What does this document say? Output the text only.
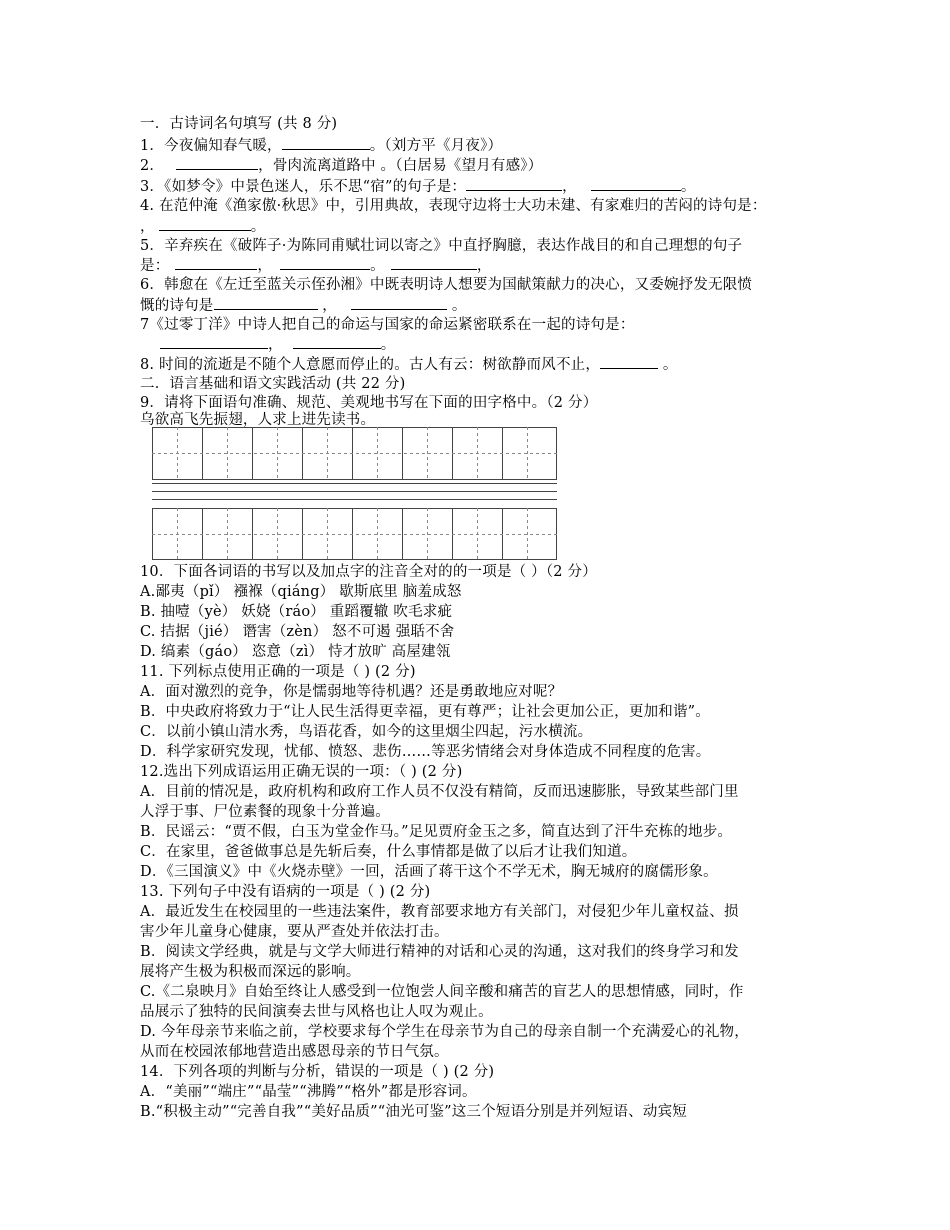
一．古诗词名句填写 (共 8 分)
1．今夜偏知春气暖，	。（刘方平《月夜》）
2．	，骨肉流离道路中 。（白居易《望月有感》）
3．《如梦令》中景色迷人，乐不思“宿”的句子是：	，	。
4. 在范仲淹《渔家傲·秋思》中，引用典故，表现守边将士大功未建、有家难归的苦闷的诗句是：
，	。
5．辛弃疾在《破阵子·为陈同甫赋壮词以寄之》中直抒胸臆，表达作战目的和自己理想的句子
是：	，	。	，
6．韩愈在《左迁至蓝关示侄孙湘》中既表明诗人想要为国献策献力的决心，又委婉抒发无限愤
慨的诗句是	，	。
7《过零丁洋》中诗人把自己的命运与国家的命运紧密联系在一起的诗句是：
，	。
8. 时间的流逝是不随个人意愿而停止的。古人有云：树欲静而风不止，	。
二．语言基础和语文实践活动 (共 22 分)
9．请将下面语句准确、规范、美观地书写在下面的田字格中。（2 分）
乌欲高飞先振翅，人求上进先读书。
10．下面各词语的书写以及加点字的注音全对的的一项是（ ）（2 分）
A.鄙夷（pǐ） 襁褓（qiáng） 歇斯底里 脑羞成怒
B. 抽噎（yè） 妖娆（ráo） 重蹈覆辙 吹毛求疵
C. 拮据（jié） 谮害（zèn） 怒不可遏 强聒不舍
D. 缟素（gáo） 恣意（zì） 恃才放旷 高屋建瓴
11. 下列标点使用正确的一项是（ ) (2 分)
A．面对激烈的竞争，你是懦弱地等待机遇？还是勇敢地应对呢？
B．中央政府将致力于“让人民生活得更幸福，更有尊严；让社会更加公正，更加和谐”。
C．以前小镇山清水秀，鸟语花香，如今的这里烟尘四起，污水横流。
D．科学家研究发现，忧郁、愤怒、悲伤……等恶劣情绪会对身体造成不同程度的危害。
12.选出下列成语运用正确无误的一项：（ ) (2 分)
A．目前的情况是，政府机构和政府工作人员不仅没有精简，反而迅速膨胀，导致某些部门里
人浮于事、尸位素餐的现象十分普遍。
B．民谣云：“贾不假，白玉为堂金作马。”足见贾府金玉之多，简直达到了汗牛充栋的地步。
C．在家里，爸爸做事总是先斩后奏，什么事情都是做了以后才让我们知道。
D．《三国演义》中《火烧赤壁》一回，活画了蒋干这个不学无术，胸无城府的腐儒形象。
13. 下列句子中没有语病的一项是（ ) (2 分)
A．最近发生在校园里的一些违法案件，教育部要求地方有关部门，对侵犯少年儿童权益、损
害少年儿童身心健康，要从严查处并依法打击。
B．阅读文学经典，就是与文学大师进行精神的对话和心灵的沟通，这对我们的终身学习和发
展将产生极为积极而深远的影响。
C.《二泉映月》自始至终让人感受到一位饱尝人间辛酸和痛苦的盲艺人的思想情感，同时，作
品展示了独特的民间演奏去世与风格也让人叹为观止。
D. 今年母亲节来临之前，学校要求每个学生在母亲节为自己的母亲自制一个充满爱心的礼物，
从而在校园浓郁地营造出感恩母亲的节日气氛。
14．下列各项的判断与分析，错误的一项是（ ) (2 分)
A．“美丽”“端庄”“晶莹”“沸腾”“格外”都是形容词。
B.“积极主动”“完善自我”“美好品质”“油光可鉴”这三个短语分别是并列短语、动宾短
